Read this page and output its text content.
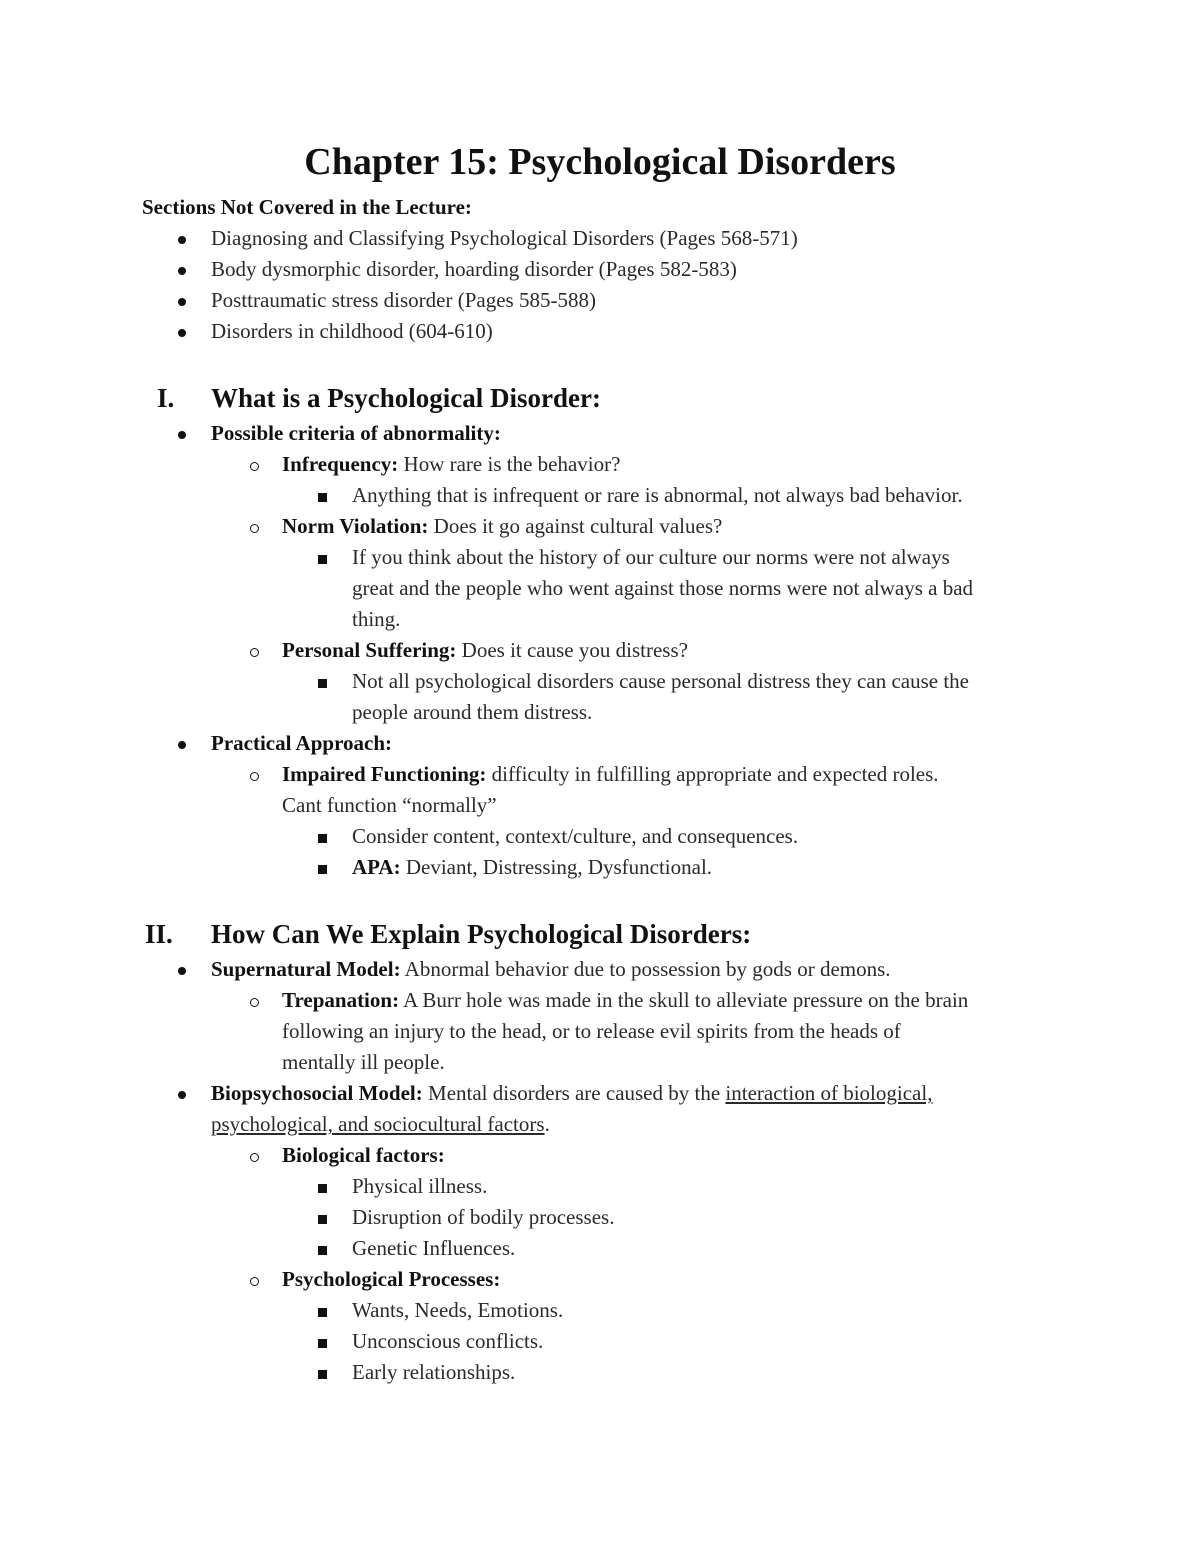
Chapter 15: Psychological Disorders
Sections Not Covered in the Lecture:
Diagnosing and Classifying Psychological Disorders (Pages 568-571)
Body dysmorphic disorder, hoarding disorder (Pages 582-583)
Posttraumatic stress disorder (Pages 585-588)
Disorders in childhood (604-610)
I. What is a Psychological Disorder:
Possible criteria of abnormality:
Infrequency: How rare is the behavior?
Anything that is infrequent or rare is abnormal, not always bad behavior.
Norm Violation: Does it go against cultural values?
If you think about the history of our culture our norms were not always
great and the people who went against those norms were not always a bad
thing.
Personal Suffering: Does it cause you distress?
Not all psychological disorders cause personal distress they can cause the
people around them distress.
Practical Approach:
Impaired Functioning: difficulty in fulfilling appropriate and expected roles.
Cant function “normally”
Consider content, context/culture, and consequences.
APA: Deviant, Distressing, Dysfunctional.
II. How Can We Explain Psychological Disorders:
Supernatural Model: Abnormal behavior due to possession by gods or demons.
Trepanation: A Burr hole was made in the skull to alleviate pressure on the brain
following an injury to the head, or to release evil spirits from the heads of
mentally ill people.
Biopsychosocial Model: Mental disorders are caused by the interaction of biological,
psychological, and sociocultural factors.
Biological factors:
Physical illness.
Disruption of bodily processes.
Genetic Influences.
Psychological Processes:
Wants, Needs, Emotions.
Unconscious conflicts.
Early relationships.
